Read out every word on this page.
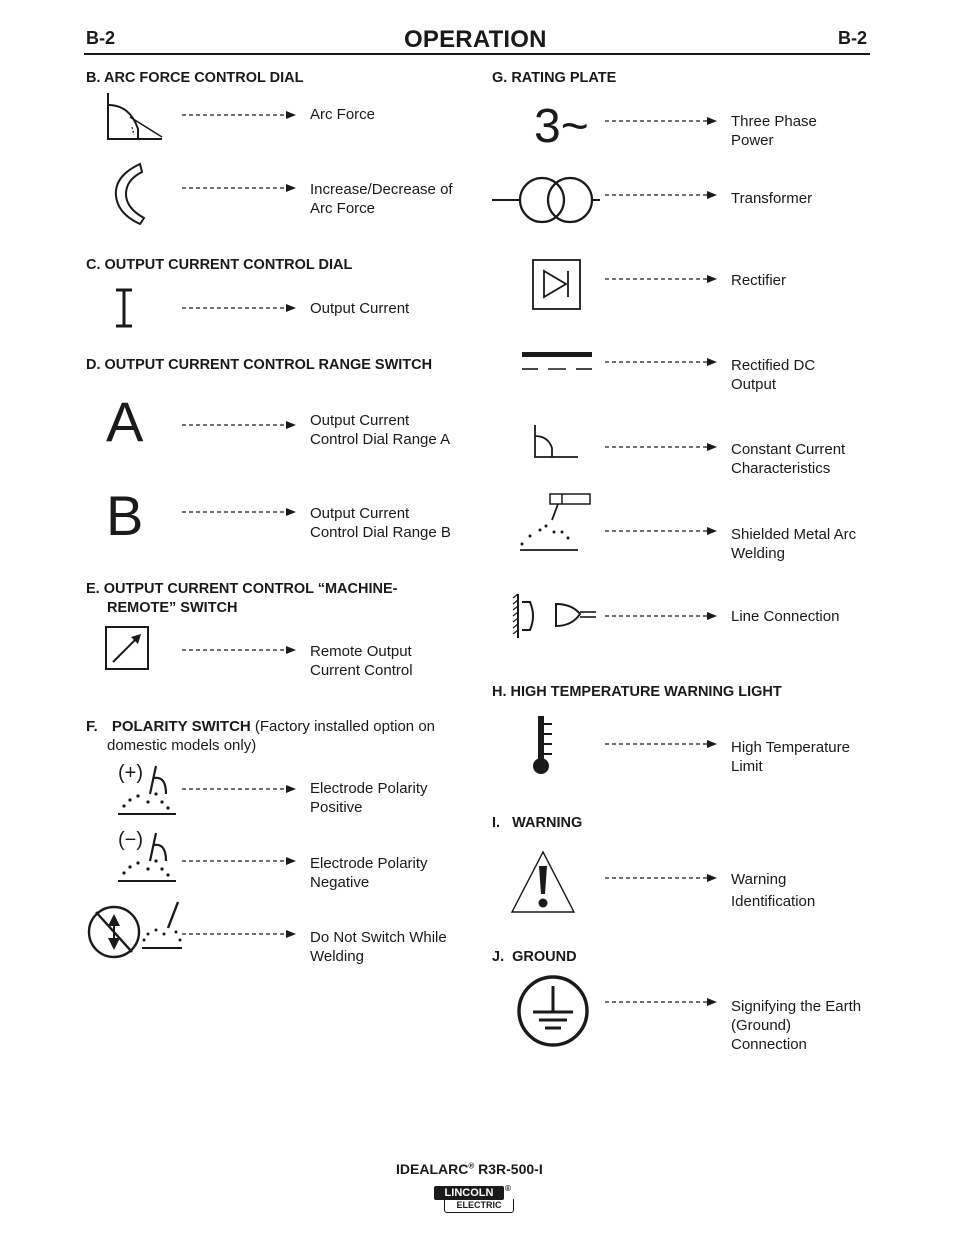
B-2	OPERATION	B-2
B. ARC FORCE CONTROL DIAL
Arc Force
Increase/Decrease of
Arc Force
C. OUTPUT CURRENT CONTROL DIAL
Output Current
D. OUTPUT CURRENT CONTROL RANGE SWITCH
A	Output Current
Control Dial Range A
B	Output Current
Control Dial Range B
E. OUTPUT CURRENT CONTROL “MACHINE-
REMOTE” SWITCH
Remote Output
Current Control
F. POLARITY SWITCH (Factory installed option on
domestic models only)
(+)
Electrode Polarity
Positive
(−)
Electrode Polarity
Negative
Do Not Switch While
Welding
G. RATING PLATE
3~	Three Phase
Power
Transformer
Rectifier
Rectified DC
Output
Constant Current
Characteristics
Shielded Metal Arc
Welding
Line Connection
H. HIGH TEMPERATURE WARNING LIGHT
High Temperature
Limit
I.   WARNING
Warning
Identification
J.  GROUND
Signifying the Earth
(Ground)
Connection
IDEALARC® R3R-500-I
LINCOLN	®
ELECTRIC
